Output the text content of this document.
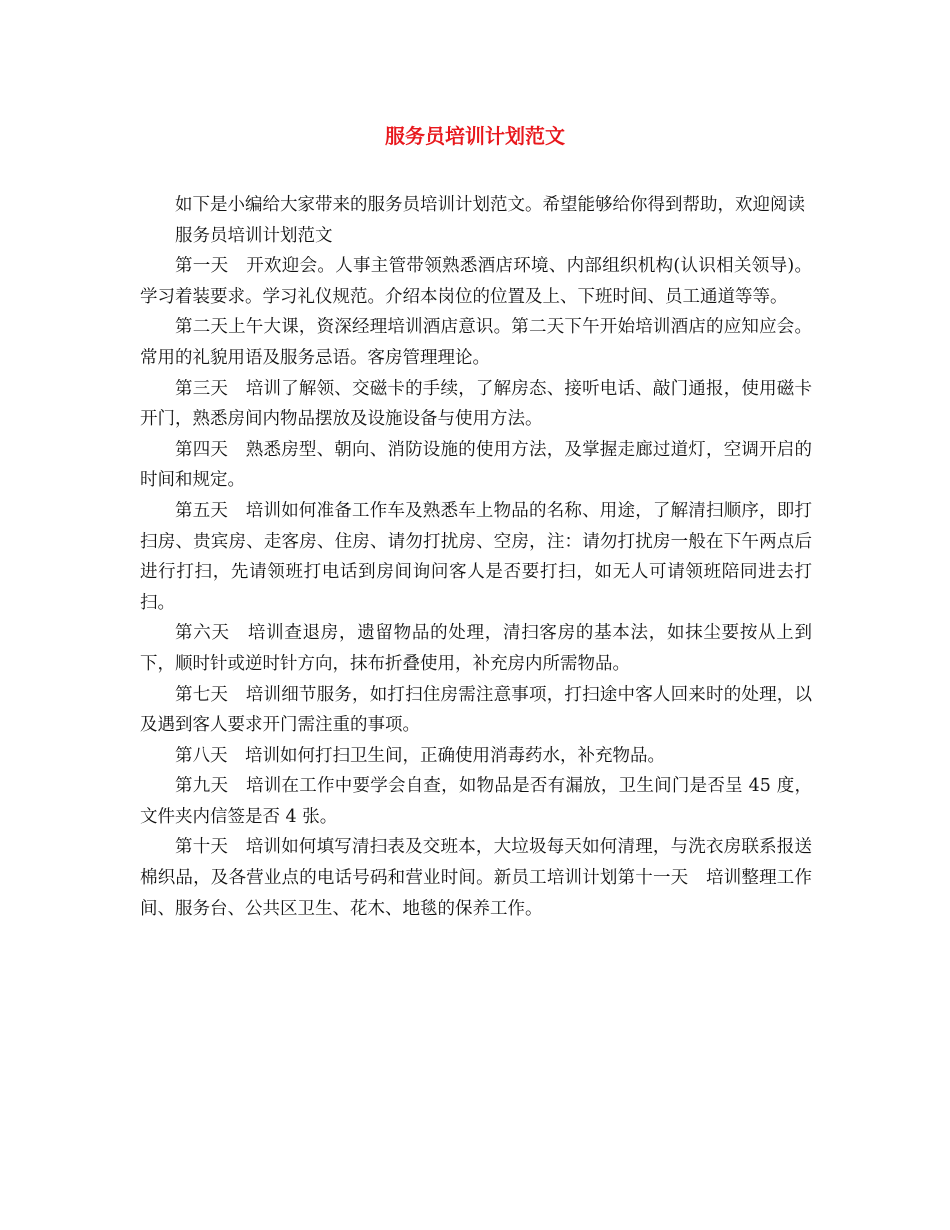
服务员培训计划范文

如下是小编给大家带来的服务员培训计划范文。希望能够给你得到帮助，欢迎阅读

服务员培训计划范文

第一天　开欢迎会。人事主管带领熟悉酒店环境、内部组织机构(认识相关领导)。学习着装要求。学习礼仪规范。介绍本岗位的位置及上、下班时间、员工通道等等。

第二天上午大课，资深经理培训酒店意识。第二天下午开始培训酒店的应知应会。常用的礼貌用语及服务忌语。客房管理理论。

第三天　培训了解领、交磁卡的手续，了解房态、接听电话、敲门通报，使用磁卡开门，熟悉房间内物品摆放及设施设备与使用方法。

第四天　熟悉房型、朝向、消防设施的使用方法，及掌握走廊过道灯，空调开启的时间和规定。

第五天　培训如何准备工作车及熟悉车上物品的名称、用途，了解清扫顺序，即打扫房、贵宾房、走客房、住房、请勿打扰房、空房，注：请勿打扰房一般在下午两点后进行打扫，先请领班打电话到房间询问客人是否要打扫，如无人可请领班陪同进去打扫。

第六天　培训查退房，遗留物品的处理，清扫客房的基本法，如抹尘要按从上到下，顺时针或逆时针方向，抹布折叠使用，补充房内所需物品。

第七天　培训细节服务，如打扫住房需注意事项，打扫途中客人回来时的处理，以及遇到客人要求开门需注重的事项。

第八天　培训如何打扫卫生间，正确使用消毒药水，补充物品。

第九天　培训在工作中要学会自查，如物品是否有漏放，卫生间门是否呈 45 度，文件夹内信签是否 4 张。

第十天　培训如何填写清扫表及交班本，大垃圾每天如何清理，与洗衣房联系报送棉织品，及各营业点的电话号码和营业时间。新员工培训计划第十一天　培训整理工作间、服务台、公共区卫生、花木、地毯的保养工作。
